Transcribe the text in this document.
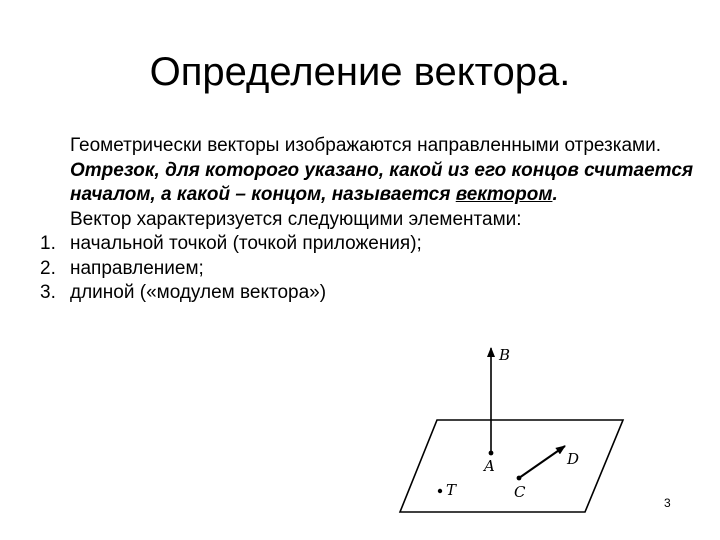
Определение вектора.
Геометрически векторы изображаются направленными отрезками. Отрезок, для которого указано, какой из его концов считается началом, а какой – концом, называется вектором.
Вектор характеризуется следующими элементами:
1. начальной точкой (точкой приложения);
2. направлением;
3. длиной («модулем вектора»)
B
A	D
C
T
3
